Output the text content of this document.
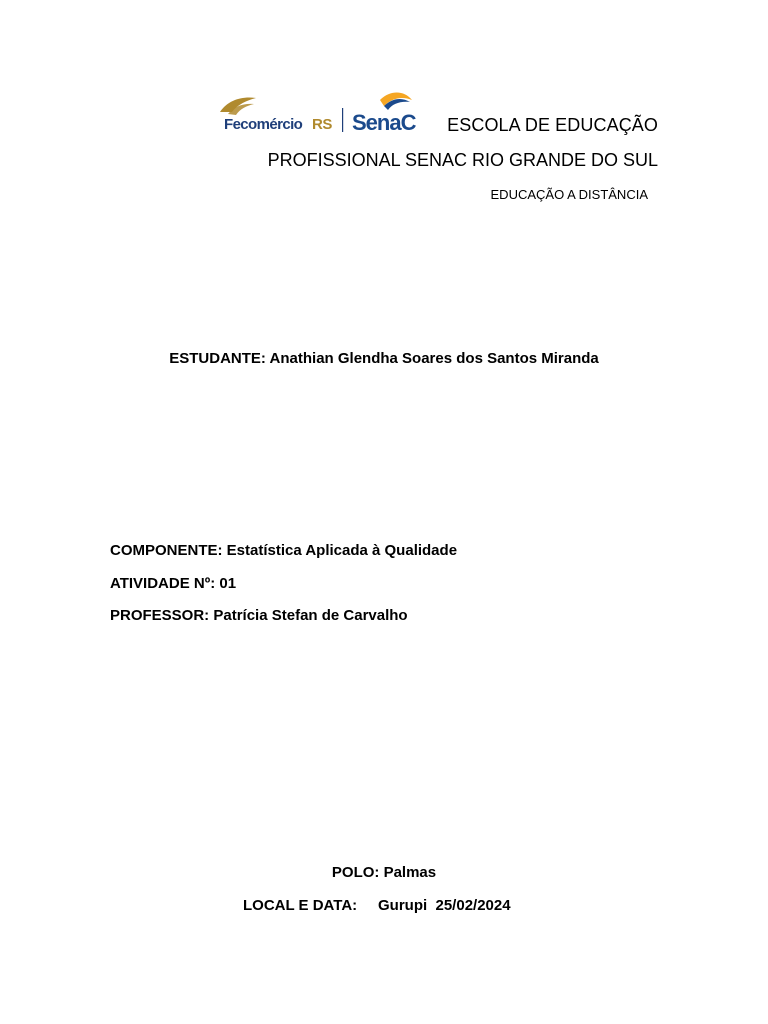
Fecomércio RS SenaC ESCOLA DE EDUCAÇÃO
PROFISSIONAL SENAC RIO GRANDE DO SUL
EDUCAÇÃO A DISTÂNCIA
ESTUDANTE: Anathian Glendha Soares dos Santos Miranda
COMPONENTE: Estatística Aplicada à Qualidade
ATIVIDADE Nº: 01
PROFESSOR: Patrícia Stefan de Carvalho
POLO: Palmas
LOCAL E DATA: Gurupi  25/02/2024
